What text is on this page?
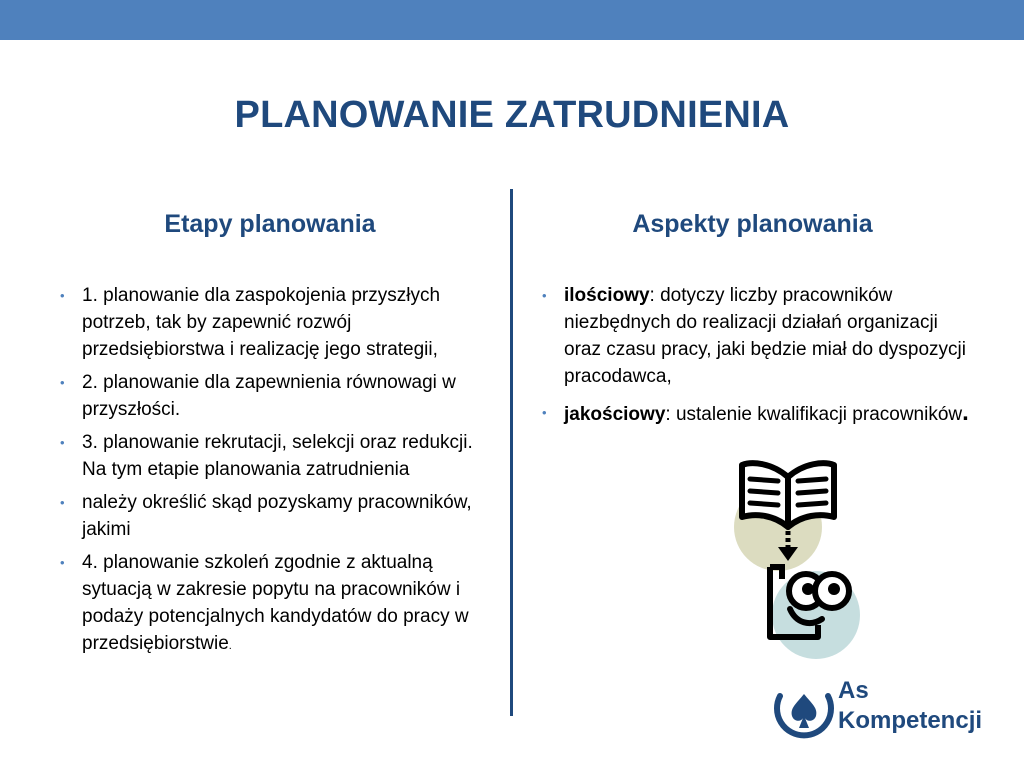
PLANOWANIE ZATRUDNIENIA
Etapy planowania	Aspekty planowania
• 1. planowanie dla zaspokojenia przyszłych potrzeb, tak by zapewnić rozwój przedsiębiorstwa i realizację jego strategii,
• 2. planowanie dla zapewnienia równowagi w przyszłości.
• 3. planowanie rekrutacji, selekcji oraz redukcji. Na tym etapie planowania zatrudnienia
• należy określić skąd pozyskamy pracowników, jakimi
• 4. planowanie szkoleń zgodnie z aktualną sytuacją w zakresie popytu na pracowników i podaży potencjalnych kandydatów do pracy w przedsiębiorstwie.
• ilościowy: dotyczy liczby pracowników niezbędnych do realizacji działań organizacji oraz czasu pracy, jaki będzie miał do dyspozycji pracodawca,
• jakościowy: ustalenie kwalifikacji pracowników.

As

Kompetencji
